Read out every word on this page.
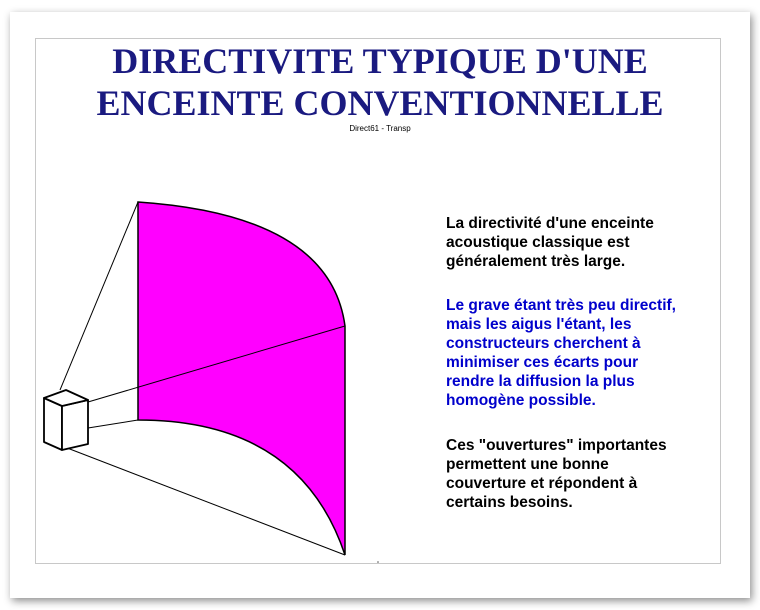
DIRECTIVITE TYPIQUE D'UNE
ENCEINTE CONVENTIONNELLE
Direct61 - Transp
La directivité d'une enceinte
acoustique classique est
généralement très large.
Le grave étant très peu directif,
mais les aigus l'étant, les
constructeurs cherchent à
minimiser ces écarts pour
rendre la diffusion la plus
homogène possible.
Ces "ouvertures" importantes
permettent une bonne
couverture et répondent à
certains besoins.
